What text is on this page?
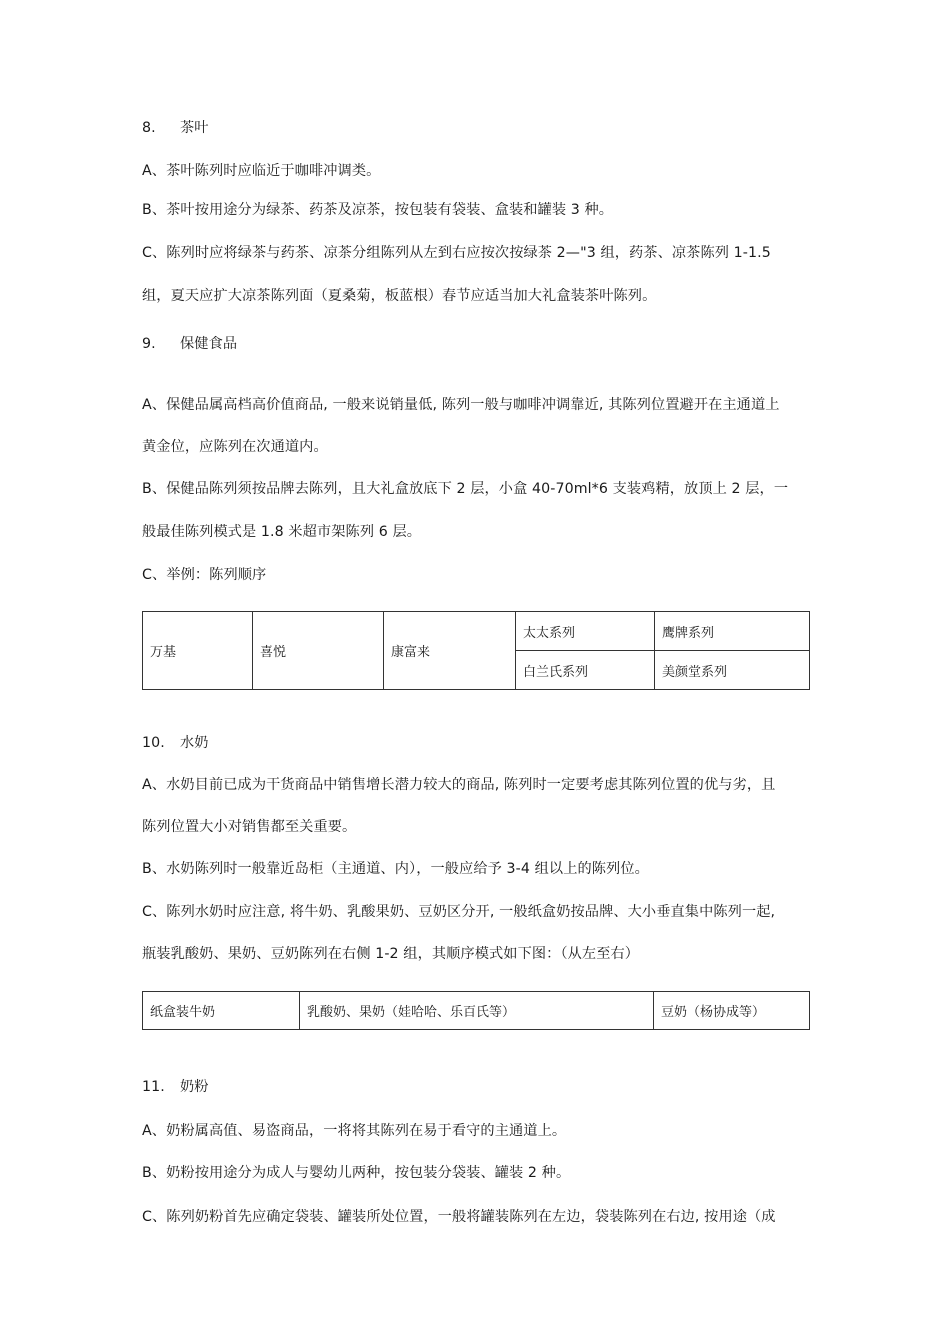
8. 茶叶
A、茶叶陈列时应临近于咖啡冲调类。
B、茶叶按用途分为绿茶、药茶及凉茶，按包装有袋装、盒装和罐装 3 种。
C、陈列时应将绿茶与药茶、凉茶分组陈列从左到右应按次按绿茶 2—"3 组，药茶、凉茶陈列 1-1.5
组，夏天应扩大凉茶陈列面（夏桑菊，板蓝根）春节应适当加大礼盒装茶叶陈列。
9. 保健食品
A、保健品属高档高价值商品, 一般来说销量低, 陈列一般与咖啡冲调靠近, 其陈列位置避开在主通道上
黄金位，应陈列在次通道内。
B、保健品陈列须按品牌去陈列，且大礼盒放底下 2 层，小盒 40-70ml*6 支装鸡精，放顶上 2 层，一
般最佳陈列模式是 1.8 米超市架陈列 6 层。
C、举例：陈列顺序
万基	喜悦	康富来	太太系列	鹰牌系列
			白兰氏系列	美颜堂系列
10. 水奶
A、水奶目前已成为干货商品中销售增长潜力较大的商品, 陈列时一定要考虑其陈列位置的优与劣，且
陈列位置大小对销售都至关重要。
B、水奶陈列时一般靠近岛柜（主通道、内），一般应给予 3-4 组以上的陈列位。
C、陈列水奶时应注意, 将牛奶、乳酸果奶、豆奶区分开, 一般纸盒奶按品牌、大小垂直集中陈列一起,
瓶装乳酸奶、果奶、豆奶陈列在右侧 1-2 组，其顺序模式如下图：（从左至右）
纸盒装牛奶	乳酸奶、果奶（娃哈哈、乐百氏等）	豆奶（杨协成等）
11. 奶粉
A、奶粉属高值、易盗商品，一将将其陈列在易于看守的主通道上。
B、奶粉按用途分为成人与婴幼儿两种，按包装分袋装、罐装 2 种。
C、陈列奶粉首先应确定袋装、罐装所处位置，一般将罐装陈列在左边，袋装陈列在右边, 按用途（成
